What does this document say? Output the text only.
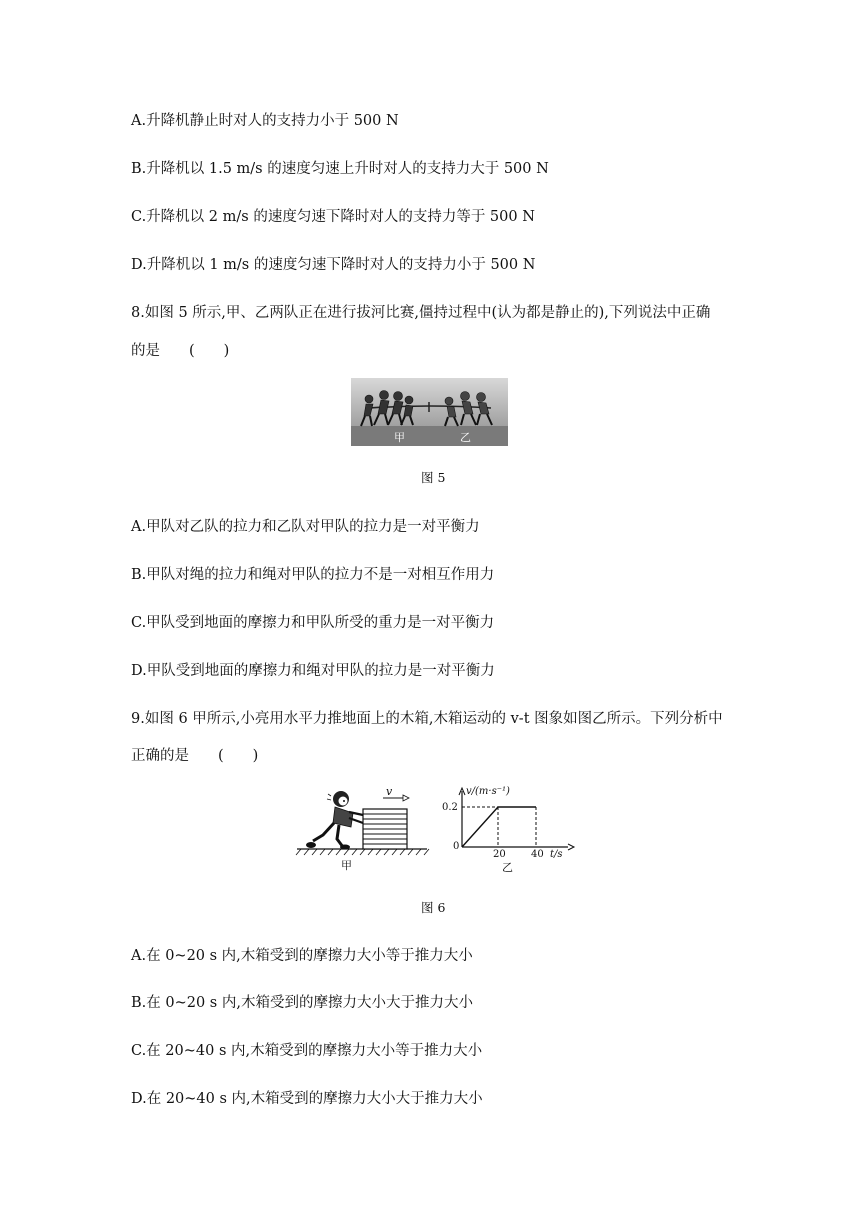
A.升降机静止时对人的支持力小于 500 N
B.升降机以 1.5 m/s 的速度匀速上升时对人的支持力大于 500 N
C.升降机以 2 m/s 的速度匀速下降时对人的支持力等于 500 N
D.升降机以 1 m/s 的速度匀速下降时对人的支持力小于 500 N
8.如图 5 所示,甲、乙两队正在进行拔河比赛,僵持过程中(认为都是静止的),下列说法中正确
的是　　(　　)
甲	乙
图 5
A.甲队对乙队的拉力和乙队对甲队的拉力是一对平衡力
B.甲队对绳的拉力和绳对甲队的拉力不是一对相互作用力
C.甲队受到地面的摩擦力和甲队所受的重力是一对平衡力
D.甲队受到地面的摩擦力和绳对甲队的拉力是一对平衡力
9.如图 6 甲所示,小亮用水平力推地面上的木箱,木箱运动的 v-t 图象如图乙所示。下列分析中
正确的是　　(　　)
v
甲
v/(m·s⁻¹)
0.2
0
20	40 t/s
乙
图 6
A.在 0~20 s 内,木箱受到的摩擦力大小等于推力大小
B.在 0~20 s 内,木箱受到的摩擦力大小大于推力大小
C.在 20~40 s 内,木箱受到的摩擦力大小等于推力大小
D.在 20~40 s 内,木箱受到的摩擦力大小大于推力大小
